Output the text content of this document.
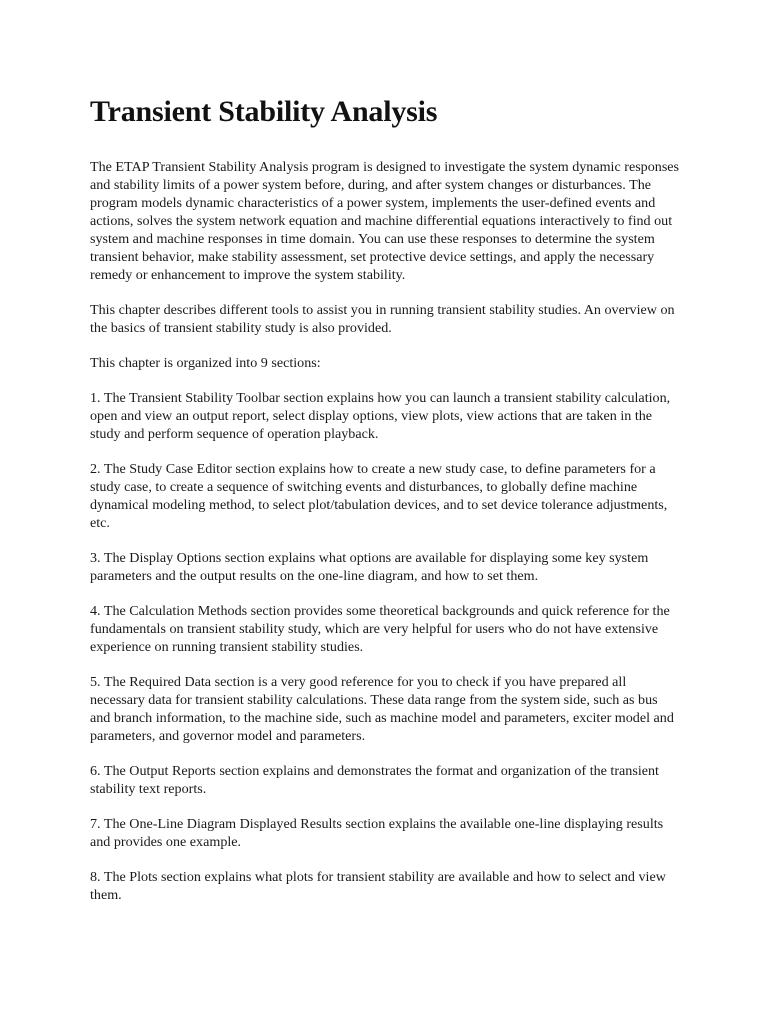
Transient Stability Analysis

The ETAP Transient Stability Analysis program is designed to investigate the system dynamic responses and stability limits of a power system before, during, and after system changes or disturbances. The program models dynamic characteristics of a power system, implements the user-defined events and actions, solves the system network equation and machine differential equations interactively to find out system and machine responses in time domain. You can use these responses to determine the system transient behavior, make stability assessment, set protective device settings, and apply the necessary remedy or enhancement to improve the system stability.

This chapter describes different tools to assist you in running transient stability studies. An overview on the basics of transient stability study is also provided.

This chapter is organized into 9 sections:

1. The Transient Stability Toolbar section explains how you can launch a transient stability calculation, open and view an output report, select display options, view plots, view actions that are taken in the study and perform sequence of operation playback.

2. The Study Case Editor section explains how to create a new study case, to define parameters for a study case, to create a sequence of switching events and disturbances, to globally define machine dynamical modeling method, to select plot/tabulation devices, and to set device tolerance adjustments, etc.

3. The Display Options section explains what options are available for displaying some key system parameters and the output results on the one-line diagram, and how to set them.

4. The Calculation Methods section provides some theoretical backgrounds and quick reference for the fundamentals on transient stability study, which are very helpful for users who do not have extensive experience on running transient stability studies.

5. The Required Data section is a very good reference for you to check if you have prepared all necessary data for transient stability calculations. These data range from the system side, such as bus and branch information, to the machine side, such as machine model and parameters, exciter model and parameters, and governor model and parameters.

6. The Output Reports section explains and demonstrates the format and organization of the transient stability text reports.

7. The One-Line Diagram Displayed Results section explains the available one-line displaying results and provides one example.

8. The Plots section explains what plots for transient stability are available and how to select and view them.
